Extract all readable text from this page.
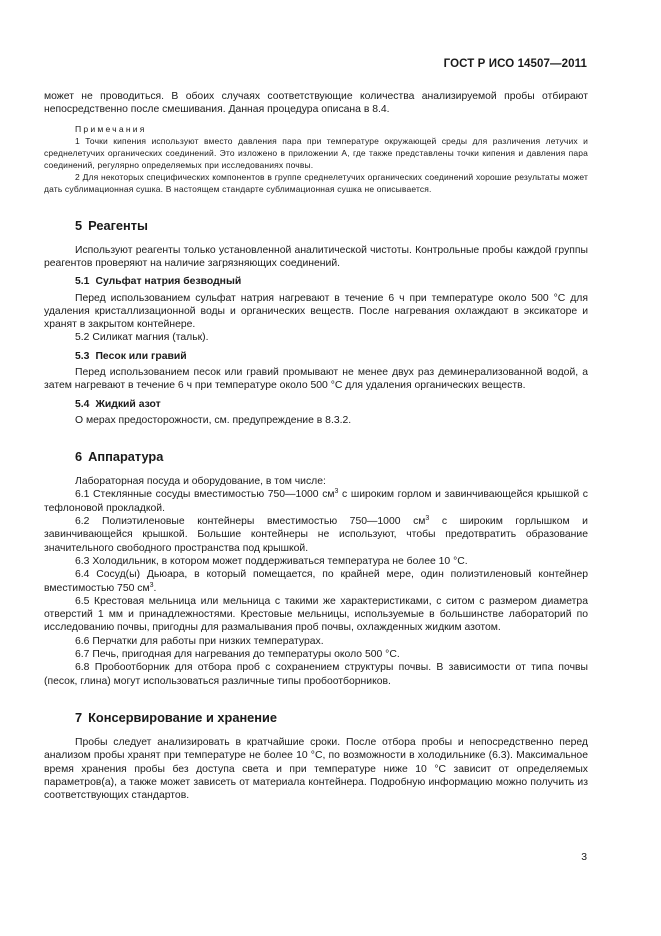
ГОСТ Р ИСО 14507—2011

может не проводиться. В обоих случаях соответствующие количества анализируемой пробы отбирают непосредственно после смешивания. Данная процедура описана в 8.4.

Примечания

1 Точки кипения используют вместо давления пара при температуре окружающей среды для различения летучих и среднелетучих органических соединений. Это изложено в приложении А, где также представлены точки кипения и давления пара соединений, регулярно определяемых при исследованиях почвы.

2 Для некоторых специфических компонентов в группе среднелетучих органических соединений хорошие результаты может дать сублимационная сушка. В настоящем стандарте сублимационная сушка не описывается.

5 Реагенты

Используют реагенты только установленной аналитической чистоты. Контрольные пробы каждой группы реагентов проверяют на наличие загрязняющих соединений.

5.1 Сульфат натрия безводный

Перед использованием сульфат натрия нагревают в течение 6 ч при температуре около 500 °С для удаления кристаллизационной воды и органических веществ. После нагревания охлаждают в эксикаторе и хранят в закрытом контейнере.

5.2 Силикат магния (тальк).

5.3 Песок или гравий

Перед использованием песок или гравий промывают не менее двух раз деминерализованной водой, а затем нагревают в течение 6 ч при температуре около 500 °С для удаления органических веществ.

5.4 Жидкий азот

О мерах предосторожности, см. предупреждение в 8.3.2.

6 Аппаратура

Лабораторная посуда и оборудование, в том числе:

6.1 Стеклянные сосуды вместимостью 750—1000 $см^3$ с широким горлом и завинчивающейся крышкой с тефлоновой прокладкой.

6.2 Полиэтиленовые контейнеры вместимостью 750—1000 $см^3$ с широким горлышком и завинчивающейся крышкой. Большие контейнеры не используют, чтобы предотвратить образование значительного свободного пространства под крышкой.

6.3 Холодильник, в котором может поддерживаться температура не более 10 °С.

6.4 Сосуд(ы) Дьюара, в который помещается, по крайней мере, один полиэтиленовый контейнер вместимостью 750 $см^3$.

6.5 Крестовая мельница или мельница с такими же характеристиками, с ситом с размером диаметра отверстий 1 мм и принадлежностями. Крестовые мельницы, используемые в большинстве лабораторий по исследованию почвы, пригодны для размалывания проб почвы, охлажденных жидким азотом.

6.6 Перчатки для работы при низких температурах.

6.7 Печь, пригодная для нагревания до температуры около 500 °С.

6.8 Пробоотборник для отбора проб с сохранением структуры почвы. В зависимости от типа почвы (песок, глина) могут использоваться различные типы пробоотборников.

7 Консервирование и хранение

Пробы следует анализировать в кратчайшие сроки. После отбора пробы и непосредственно перед анализом пробы хранят при температуре не более 10 °С, по возможности в холодильнике (6.3). Максимальное время хранения пробы без доступа света и при температуре ниже 10 °С зависит от определяемых параметров(а), а также может зависеть от материала контейнера. Подробную информацию можно получить из соответствующих стандартов.

3
